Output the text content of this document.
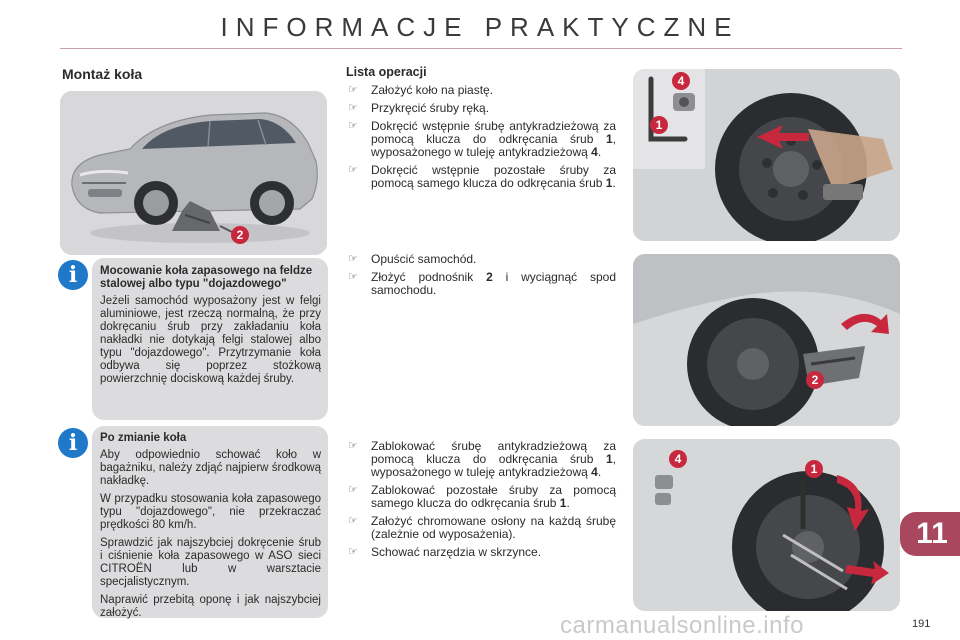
INFORMACJE PRAKTYCZNE
Montaż koła
2
i	Mocowanie koła zapasowego na feldze stalowej albo typu "dojazdowego"

Jeżeli samochód wyposażony jest w felgi aluminiowe, jest rzeczą normalną, że przy dokręcaniu śrub przy zakładaniu koła nakładki nie dotykają felgi stalowej albo typu "dojazdowego". Przytrzymanie koła odbywa się poprzez stożkową powierzchnię dociskową każdej śruby.

i	Po zmianie koła

Aby odpowiednio schować koło w bagażniku, należy zdjąć najpierw środkową nakładkę.

W przypadku stosowania koła zapasowego typu "dojazdowego", nie przekraczać prędkości 80 km/h.

Sprawdzić jak najszybciej dokręcenie śrub i ciśnienie koła zapasowego w ASO sieci CITROËN lub w warsztacie specjalistycznym.

Naprawić przebitą oponę i jak najszybciej założyć.

Lista operacji
☞ Założyć koło na piastę.
☞ Przykręcić śruby ręką.
☞ Dokręcić wstępnie śrubę antykradzieżową za pomocą klucza do odkręcania śrub 1, wyposażonego w tuleję antykradzieżową 4.
☞ Dokręcić wstępnie pozostałe śruby za pomocą samego klucza do odkręcania śrub 1.
☞ Opuścić samochód.
☞ Złożyć podnośnik 2 i wyciągnąć spod samochodu.
☞ Zablokować śrubę antykradzieżową za pomocą klucza do odkręcania śrub 1, wyposażonego w tuleję antykradzieżową 4.
☞ Zablokować pozostałe śruby za pomocą samego klucza do odkręcania śrub 1.
☞ Założyć chromowane osłony na każdą śrubę (zależnie od wyposażenia).
☞ Schować narzędzia w skrzynce.
4
1
2
4
1
11
carmanualsonline.info	191
